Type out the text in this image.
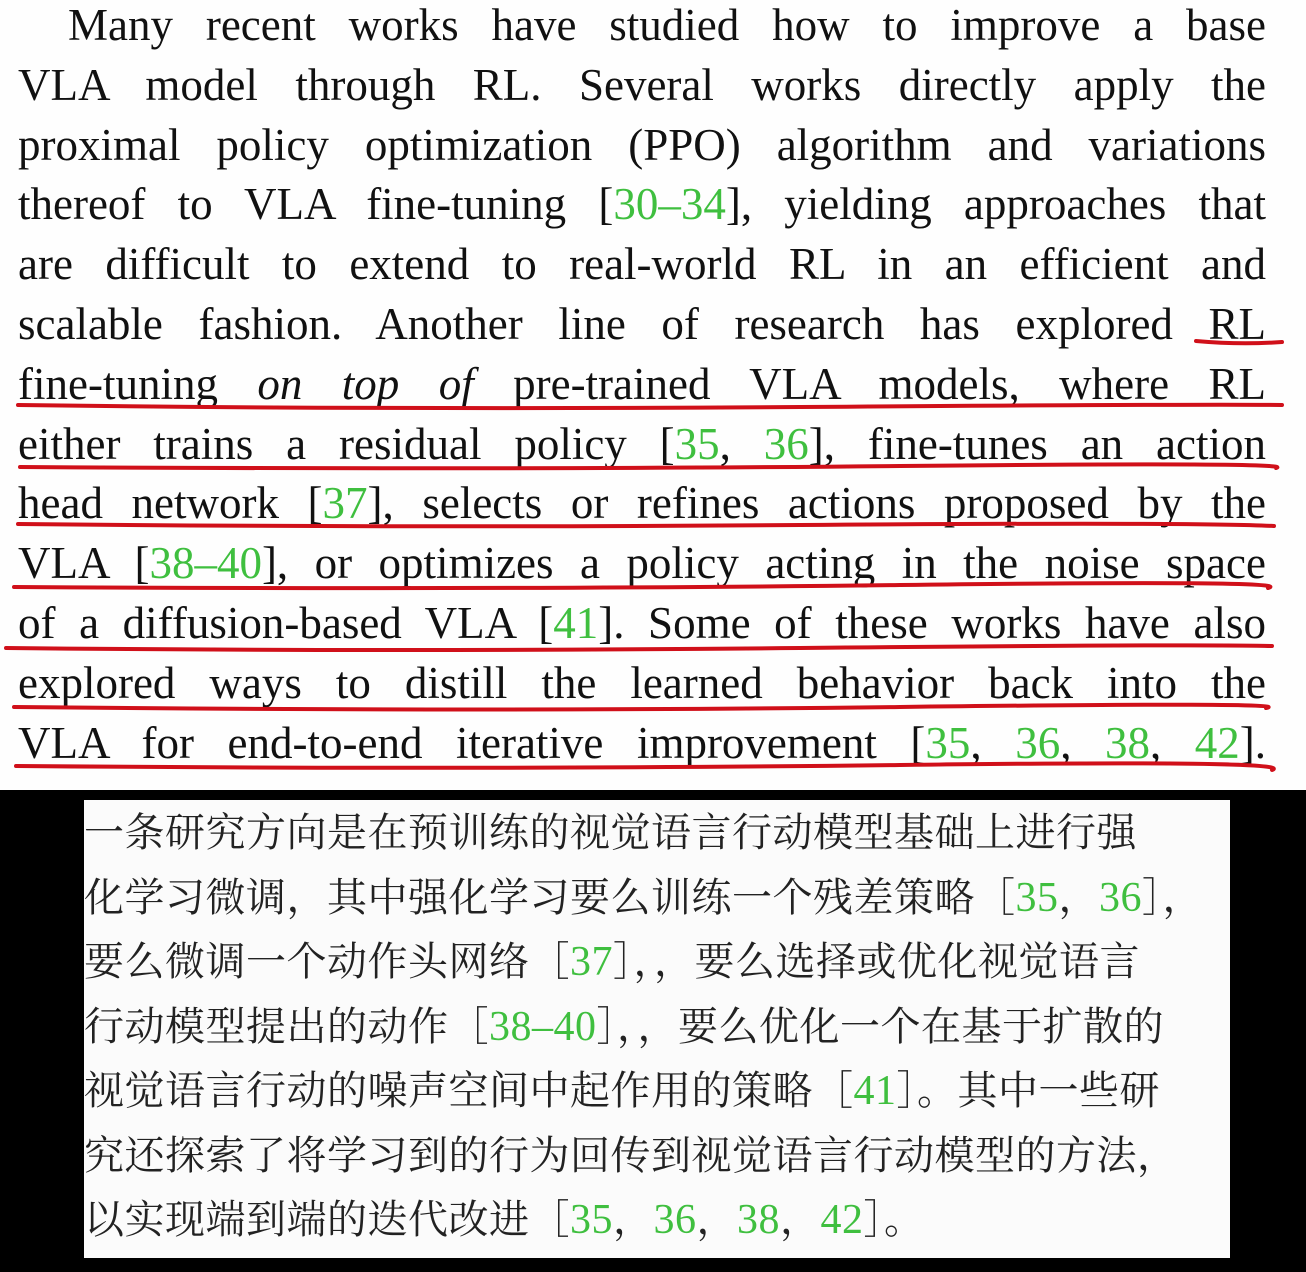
Many recent works have studied how to improve a base
VLA model through RL. Several works directly apply the
proximal policy optimization (PPO) algorithm and variations
thereof to VLA fine-tuning [30–34], yielding approaches that
are difficult to extend to real-world RL in an efficient and
scalable fashion. Another line of research has explored RL
fine-tuning on top of pre-trained VLA models, where RL
either trains a residual policy [35, 36], fine-tunes an action
head network [37], selects or refines actions proposed by the
VLA [38–40], or optimizes a policy acting in the noise space
of a diffusion-based VLA [41]. Some of these works have also
explored ways to distill the learned behavior back into the
VLA for end-to-end iterative improvement [35, 36, 38, 42].
一条研究方向是在预训练的视觉语言行动模型基础上进行强
化学习微调，其中强化学习要么训练一个残差策略［35，36］，
要么微调一个动作头网络［37］，，要么选择或优化视觉语言
行动模型提出的动作［38–40］，，要么优化一个在基于扩散的
视觉语言行动的噪声空间中起作用的策略［41］。其中一些研
究还探索了将学习到的行为回传到视觉语言行动模型的方法，
以实现端到端的迭代改进［35，36，38，42］。
